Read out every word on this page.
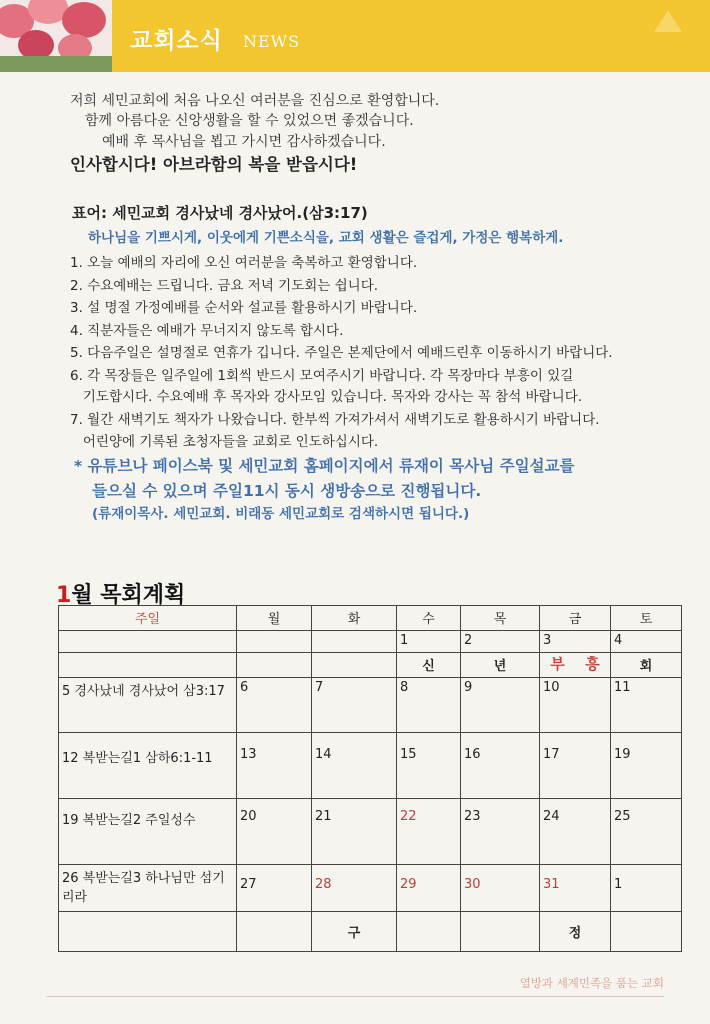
교회소식 NEWS
저희 세민교회에 처음 나오신 여러분을 진심으로 환영합니다.
함께 아름다운 신앙생활을 할 수 있었으면 좋겠습니다.
예배 후 목사님을 뵙고 가시면 감사하겠습니다.
인사합시다! 아브라함의 복을 받읍시다!
표어: 세민교회 경사났네 경사났어.(삼3:17)
하나님을 기쁘시게, 이웃에게 기쁜소식을, 교회 생활은 즐겁게, 가정은 행복하게.
1. 오늘 예배의 자리에 오신 여러분을 축복하고 환영합니다.
2. 수요예배는 드립니다. 금요 저녁 기도회는 쉽니다.
3. 설 명절 가정예배를 순서와 설교를 활용하시기 바랍니다.
4. 직분자들은 예배가 무너지지 않도록 합시다.
5. 다음주일은 설명절로 연휴가 깁니다. 주일은 본제단에서 예배드린후 이동하시기 바랍니다.
6. 각 목장들은 일주일에 1회씩 반드시 모여주시기 바랍니다. 각 목장마다 부흥이 있길
기도합시다. 수요예배 후 목자와 강사모임 있습니다. 목자와 강사는 꼭 참석 바랍니다.
7. 월간 새벽기도 책자가 나왔습니다. 한부씩 가져가셔서 새벽기도로 활용하시기 바랍니다.
어린양에 기록된 초청자들을 교회로 인도하십시다.
* 유튜브나 페이스북 및 세민교회 홈페이지에서 류재이 목사님 주일설교를
들으실 수 있으며 주일11시 동시 생방송으로 진행됩니다.
(류재이목사. 세민교회. 비래동 세민교회로 검색하시면 됩니다.)
1월 목회계획
주일	월	화	수	목	금	토
			1	2	3	4
			신	년	부 흥	회
5 경사났네 경사났어 삼3:17	6	7	8	9	10	11
12 복받는길1 삼하6:1-11	13	14	15	16	17	19
19 복받는길2 주일성수	20	21	22	23	24	25
26 복받는길3 하나님만 섬기리라	27	28	29	30	31	1
		구			정	
열방과 세계민족을 품는 교회
